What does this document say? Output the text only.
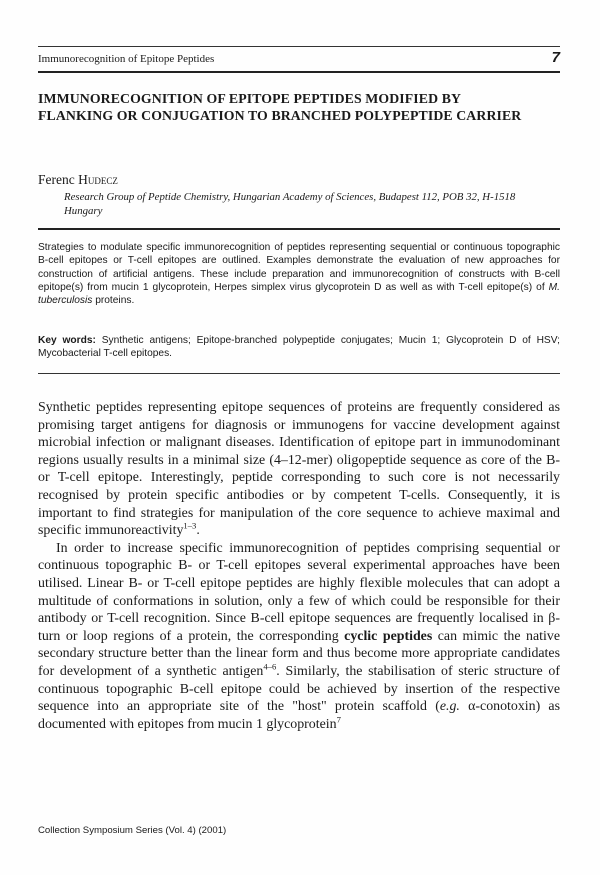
Immunorecognition of Epitope Peptides	7
IMMUNORECOGNITION OF EPITOPE PEPTIDES MODIFIED BY FLANKING OR CONJUGATION TO BRANCHED POLYPEPTIDE CARRIER
Ferenc Hudecz
Research Group of Peptide Chemistry, Hungarian Academy of Sciences, Budapest 112, POB 32, H-1518 Hungary
Strategies to modulate specific immunorecognition of peptides representing sequential or continuous topographic B-cell epitopes or T-cell epitopes are outlined. Examples demonstrate the evaluation of new approaches for construction of artificial antigens. These include preparation and immunorecognition of constructs with B-cell epitope(s) from mucin 1 glycoprotein, Herpes simplex virus glycoprotein D as well as with T-cell epitope(s) of M. tuberculosis proteins.
Key words: Synthetic antigens; Epitope-branched polypeptide conjugates; Mucin 1; Glycoprotein D of HSV; Mycobacterial T-cell epitopes.

Synthetic peptides representing epitope sequences of proteins are frequently considered as promising target antigens for diagnosis or immunogens for vaccine development against microbial infection or malignant diseases. Identification of epitope part in immunodominant regions usually results in a minimal size (4–12-mer) oligopeptide sequence as core of the B- or T-cell epitope. Interestingly, peptide corresponding to such core is not necessarily recognised by protein specific antibodies or by competent T-cells. Consequently, it is important to find strategies for manipulation of the core sequence to achieve maximal and specific immunoreactivity$^{1-3}$.

In order to increase specific immunorecognition of peptides comprising sequential or continuous topographic B- or T-cell epitopes several experimental approaches have been utilised. Linear B- or T-cell epitope peptides are highly flexible molecules that can adopt a multitude of conformations in solution, only a few of which could be responsible for their antibody or T-cell recognition. Since B-cell epitope sequences are frequently localised in β-turn or loop regions of a protein, the corresponding cyclic peptides can mimic the native secondary structure better than the linear form and thus become more appropriate candidates for development of a synthetic antigen$^{4-6}$. Similarly, the stabilisation of steric structure of continuous topographic B-cell epitope could be achieved by insertion of the respective sequence into an appropriate site of the "host" protein scaffold (e.g. α-conotoxin) as documented with epitopes from mucin 1 glycoprotein$^7$

Collection Symposium Series (Vol. 4) (2001)
